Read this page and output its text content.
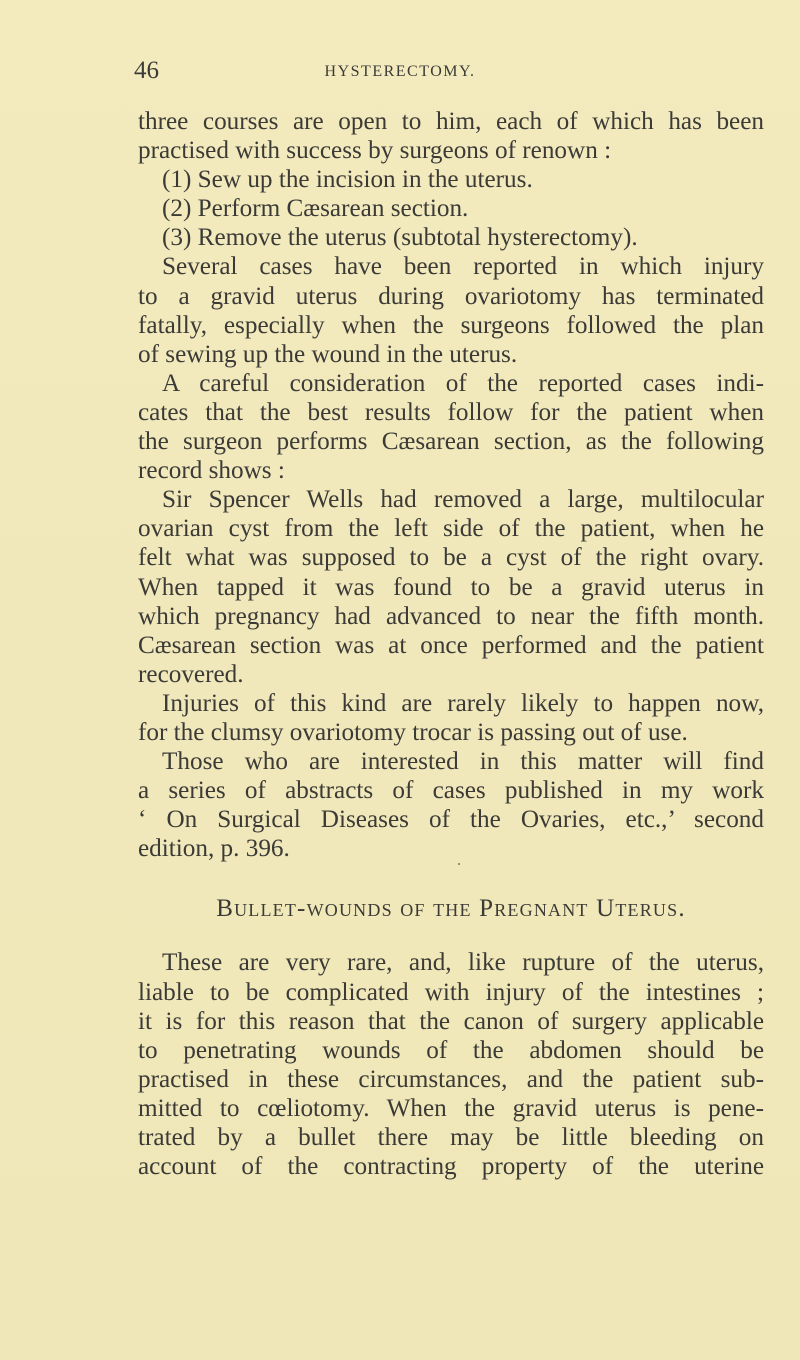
46	HYSTERECTOMY.
three courses are open to him, each of which has been
practised with success by surgeons of renown :
(1) Sew up the incision in the uterus.
(2) Perform Cæsarean section.
(3) Remove the uterus (subtotal hysterectomy).
Several cases have been reported in which injury
to a gravid uterus during ovariotomy has terminated
fatally, especially when the surgeons followed the plan
of sewing up the wound in the uterus.
A careful consideration of the reported cases indi-
cates that the best results follow for the patient when
the surgeon performs Cæsarean section, as the following
record shows :
Sir Spencer Wells had removed a large, multilocular
ovarian cyst from the left side of the patient, when he
felt what was supposed to be a cyst of the right ovary.
When tapped it was found to be a gravid uterus in
which pregnancy had advanced to near the fifth month.
Cæsarean section was at once performed and the patient
recovered.
Injuries of this kind are rarely likely to happen now,
for the clumsy ovariotomy trocar is passing out of use.
Those who are interested in this matter will find
a series of abstracts of cases published in my work
‘ On Surgical Diseases of the Ovaries, etc.,’ second
edition, p. 396.
Bullet-wounds of the Pregnant Uterus.
These are very rare, and, like rupture of the uterus,
liable to be complicated with injury of the intestines ;
it is for this reason that the canon of surgery applicable
to penetrating wounds of the abdomen should be
practised in these circumstances, and the patient sub-
mitted to cœliotomy. When the gravid uterus is pene-
trated by a bullet there may be little bleeding on
account of the contracting property of the uterine
